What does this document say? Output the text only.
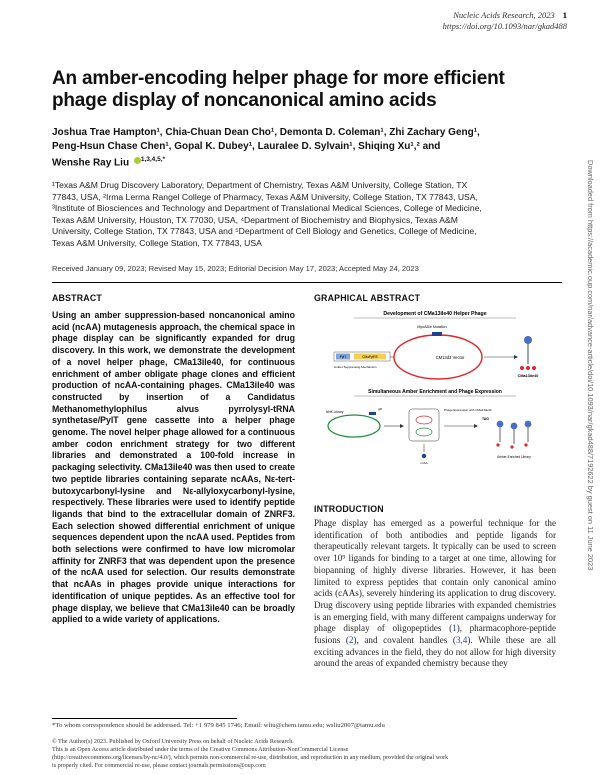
Nucleic Acids Research, 2023 1
https://doi.org/10.1093/nar/gkad488
An amber-encoding helper phage for more efficient phage display of noncanonical amino acids
Joshua Trae Hampton¹, Chia-Chuan Dean Cho¹, Demonta D. Coleman¹, Zhi Zachary Geng¹,
Peng-Hsun Chase Chen¹, Gopal K. Dubey¹, Lauralee D. Sylvain¹, Shiqing Xu¹,² and
Wenshe Ray Liu $^{1,3,4,5,*}$
¹Texas A&M Drug Discovery Laboratory, Department of Chemistry, Texas A&M University, College Station, TX
77843, USA, ²Irma Lerma Rangel College of Pharmacy, Texas A&M University, College Station, TX 77843, USA,
³Institute of Biosciences and Technology and Department of Translational Medical Sciences, College of Medicine,
Texas A&M University, Houston, TX 77030, USA, ⁴Department of Biochemistry and Biophysics, Texas A&M
University, College Station, TX 77843, USA and ⁵Department of Cell Biology and Genetics, College of Medicine,
Texas A&M University, College Station, TX 77843, USA
Received January 09, 2023; Revised May 15, 2023; Editorial Decision May 17, 2023; Accepted May 24, 2023
ABSTRACT
Using an amber suppression-based noncanonical amino acid (ncAA) mutagenesis approach, the chemical space in phage display can be significantly expanded for drug discovery. In this work, we demonstrate the development of a novel helper phage, CMa13ile40, for continuous enrichment of amber obligate phage clones and efficient production of ncAA-containing phages. CMa13ile40 was constructed by insertion of a Candidatus Methanomethylophilus alvus pyrrolysyl-tRNA synthetase/PylT gene cassette into a helper phage genome. The novel helper phage allowed for a continuous amber codon enrichment strategy for two different libraries and demonstrated a 100-fold increase in packaging selectivity. CMa13ile40 was then used to create two peptide libraries containing separate ncAAs, Nε-tert-butoxycarbonyl-lysine and Nε-allyloxycarbonyl-lysine, respectively. These libraries were used to identify peptide ligands that bind to the extracellular domain of ZNRF3. Each selection showed differential enrichment of unique sequences dependent upon the ncAA used. Peptides from both selections were confirmed to have low micromolar affinity for ZNRF3 that was dependent upon the presence of the ncAA used for selection. Our results demonstrate that ncAAs in phages provide unique interactions for identification of unique peptides. As an effective tool for phage display, we believe that CMa13ile40 can be broadly applied to a wide variety of applications.
GRAPHICAL ABSTRACT
Development of CMa13ile40 Helper Phage
MyoAB/e Mutation
CM13d3 Vector
PylT	CMaPylRS
Amber Suppressing Mechanism
CMa13ile40
Simultaneous Amber Enrichment and Phage Expression
NNK Library
gIII	Phage Expression with CMa13ile40
ncAA
TAG
Amber-Enriched Library
INTRODUCTION
Phage display has emerged as a powerful technique for the identification of both antibodies and peptide ligands for therapeutically relevant targets. It typically can be used to screen over 10⁹ ligands for binding to a target at one time, allowing for biopanning of highly diverse libraries. However, it has been limited to express peptides that contain only canonical amino acids (cAAs), severely hindering its application to drug discovery. Drug discovery using peptide libraries with expanded chemistries is an emerging field, with many different campaigns underway for phage display of oligopeptides (1), pharmacophore-peptide fusions (2), and covalent handles (3,4). While these are all exciting advances in the field, they do not allow for high diversity around the areas of expanded chemistry because they
*To whom correspondence should be addressed. Tel: +1 979 845 1746; Email: wliu@chem.tamu.edu; wsliu2007@tamu.edu
© The Author(s) 2023. Published by Oxford University Press on behalf of Nucleic Acids Research.
This is an Open Access article distributed under the terms of the Creative Commons Attribution-NonCommercial License
(http://creativecommons.org/licenses/by-nc/4.0/), which permits non-commercial re-use, distribution, and reproduction in any medium, provided the original work
is properly cited. For commercial re-use, please contact journals.permissions@oup.com
Downloaded from https://academic.oup.com/nar/advance-article/doi/10.1093/nar/gkad488/7192622 by guest on 11 June 2023
